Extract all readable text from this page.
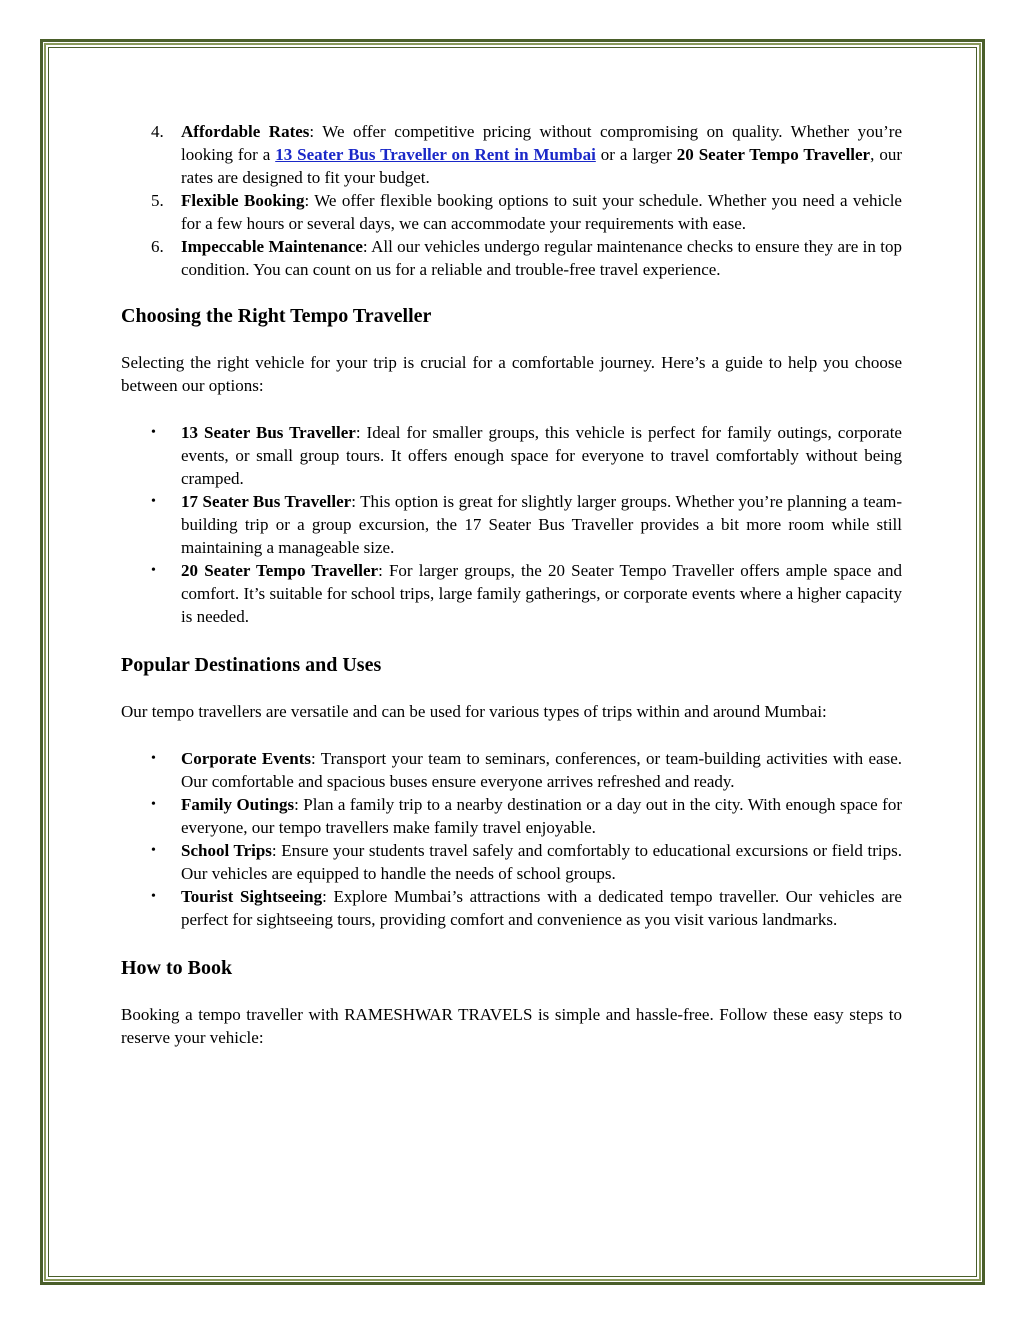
4. Affordable Rates: We offer competitive pricing without compromising on quality. Whether you’re looking for a 13 Seater Bus Traveller on Rent in Mumbai or a larger 20 Seater Tempo Traveller, our rates are designed to fit your budget.
5. Flexible Booking: We offer flexible booking options to suit your schedule. Whether you need a vehicle for a few hours or several days, we can accommodate your requirements with ease.
6. Impeccable Maintenance: All our vehicles undergo regular maintenance checks to ensure they are in top condition. You can count on us for a reliable and trouble-free travel experience.
Choosing the Right Tempo Traveller

Selecting the right vehicle for your trip is crucial for a comfortable journey. Here’s a guide to help you choose between our options:

• 13 Seater Bus Traveller: Ideal for smaller groups, this vehicle is perfect for family outings, corporate events, or small group tours. It offers enough space for everyone to travel comfortably without being cramped.
• 17 Seater Bus Traveller: This option is great for slightly larger groups. Whether you’re planning a team-building trip or a group excursion, the 17 Seater Bus Traveller provides a bit more room while still maintaining a manageable size.
• 20 Seater Tempo Traveller: For larger groups, the 20 Seater Tempo Traveller offers ample space and comfort. It’s suitable for school trips, large family gatherings, or corporate events where a higher capacity is needed.
Popular Destinations and Uses

Our tempo travellers are versatile and can be used for various types of trips within and around Mumbai:

• Corporate Events: Transport your team to seminars, conferences, or team-building activities with ease. Our comfortable and spacious buses ensure everyone arrives refreshed and ready.
• Family Outings: Plan a family trip to a nearby destination or a day out in the city. With enough space for everyone, our tempo travellers make family travel enjoyable.
• School Trips: Ensure your students travel safely and comfortably to educational excursions or field trips. Our vehicles are equipped to handle the needs of school groups.
• Tourist Sightseeing: Explore Mumbai’s attractions with a dedicated tempo traveller. Our vehicles are perfect for sightseeing tours, providing comfort and convenience as you visit various landmarks.
How to Book

Booking a tempo traveller with RAMESHWAR TRAVELS is simple and hassle-free. Follow these easy steps to reserve your vehicle:
